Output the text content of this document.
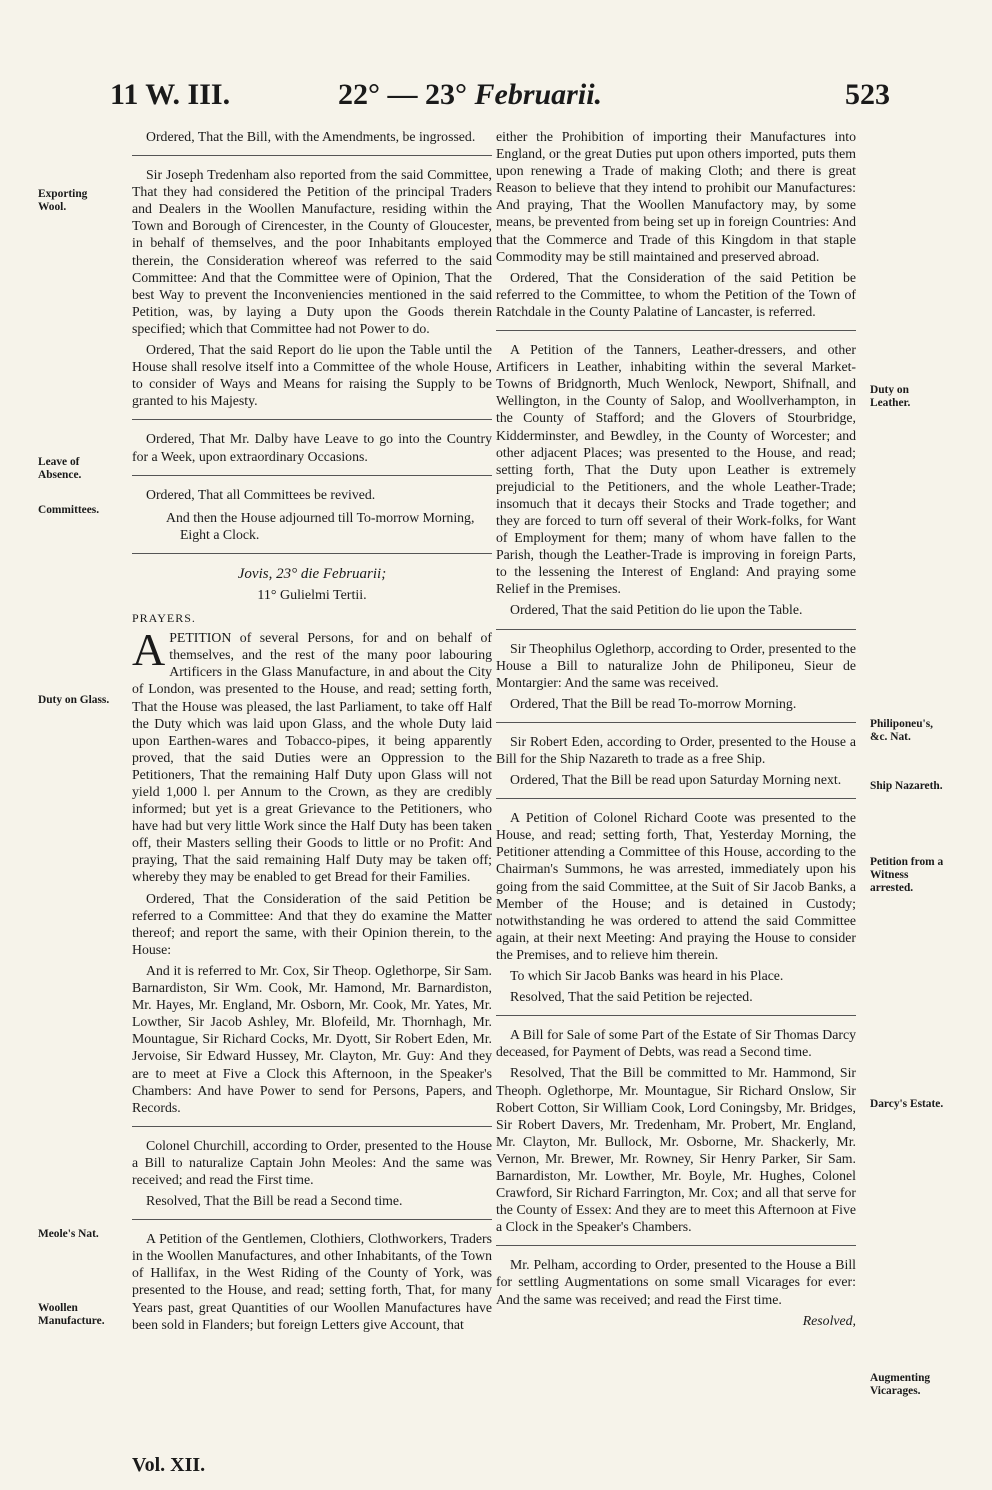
11 W. III.	22° — 23° Februarii.	523
Exporting Wool.
Leave of Absence.
Committees.
Duty on Glass.
Meole's Nat.
Woollen Manufacture.
Duty on Leather.
Philiponeu's, &c. Nat.
Ship Nazareth.
Petition from a Witness arrested.
Darcy's Estate.
Augmenting Vicarages.

Ordered, That the Bill, with the Amendments, be ingrossed.

Sir Joseph Tredenham also reported from the said Committee, That they had considered the Petition of the principal Traders and Dealers in the Woollen Manufacture, residing within the Town and Borough of Cirencester, in the County of Gloucester, in behalf of themselves, and the poor Inhabitants employed therein, the Consideration whereof was referred to the said Committee: And that the Committee were of Opinion, That the best Way to prevent the Inconveniencies mentioned in the said Petition, was, by laying a Duty upon the Goods therein specified; which that Committee had not Power to do.

Ordered, That the said Report do lie upon the Table until the House shall resolve itself into a Committee of the whole House, to consider of Ways and Means for raising the Supply to be granted to his Majesty.

Ordered, That Mr. Dalby have Leave to go into the Country for a Week, upon extraordinary Occasions.

Ordered, That all Committees be revived.

And then the House adjourned till To-morrow Morning, Eight a Clock.

Jovis, 23° die Februarii;
11° Gulielmi Tertii.
PRAYERS.

APETITION of several Persons, for and on behalf of themselves, and the rest of the many poor labouring Artificers in the Glass Manufacture, in and about the City of London, was presented to the House, and read; setting forth, That the House was pleased, the last Parliament, to take off Half the Duty which was laid upon Glass, and the whole Duty laid upon Earthen-wares and Tobacco-pipes, it being apparently proved, that the said Duties were an Oppression to the Petitioners, That the remaining Half Duty upon Glass will not yield 1,000 l. per Annum to the Crown, as they are credibly informed; but yet is a great Grievance to the Petitioners, who have had but very little Work since the Half Duty has been taken off, their Masters selling their Goods to little or no Profit: And praying, That the said remaining Half Duty may be taken off; whereby they may be enabled to get Bread for their Families.

Ordered, That the Consideration of the said Petition be referred to a Committee: And that they do examine the Matter thereof; and report the same, with their Opinion therein, to the House:

And it is referred to Mr. Cox, Sir Theop. Oglethorpe, Sir Sam. Barnardiston, Sir Wm. Cook, Mr. Hamond, Mr. Barnardiston, Mr. Hayes, Mr. England, Mr. Osborn, Mr. Cook, Mr. Yates, Mr. Lowther, Sir Jacob Ashley, Mr. Blofeild, Mr. Thornhagh, Mr. Mountague, Sir Richard Cocks, Mr. Dyott, Sir Robert Eden, Mr. Jervoise, Sir Edward Hussey, Mr. Clayton, Mr. Guy: And they are to meet at Five a Clock this Afternoon, in the Speaker's Chambers: And have Power to send for Persons, Papers, and Records.

Colonel Churchill, according to Order, presented to the House a Bill to naturalize Captain John Meoles: And the same was received; and read the First time.

Resolved, That the Bill be read a Second time.

A Petition of the Gentlemen, Clothiers, Clothworkers, Traders in the Woollen Manufactures, and other Inhabitants, of the Town of Hallifax, in the West Riding of the County of York, was presented to the House, and read; setting forth, That, for many Years past, great Quantities of our Woollen Manufactures have been sold in Flanders; but foreign Letters give Account, that

either the Prohibition of importing their Manufactures into England, or the great Duties put upon others imported, puts them upon renewing a Trade of making Cloth; and there is great Reason to believe that they intend to prohibit our Manufactures: And praying, That the Woollen Manufactory may, by some means, be prevented from being set up in foreign Countries: And that the Commerce and Trade of this Kingdom in that staple Commodity may be still maintained and preserved abroad.

Ordered, That the Consideration of the said Petition be referred to the Committee, to whom the Petition of the Town of Ratchdale in the County Palatine of Lancaster, is referred.

A Petition of the Tanners, Leather-dressers, and other Artificers in Leather, inhabiting within the several Market-Towns of Bridgnorth, Much Wenlock, Newport, Shifnall, and Wellington, in the County of Salop, and Woollverhampton, in the County of Stafford; and the Glovers of Stourbridge, Kidderminster, and Bewdley, in the County of Worcester; and other adjacent Places; was presented to the House, and read; setting forth, That the Duty upon Leather is extremely prejudicial to the Petitioners, and the whole Leather-Trade; insomuch that it decays their Stocks and Trade together; and they are forced to turn off several of their Work-folks, for Want of Employment for them; many of whom have fallen to the Parish, though the Leather-Trade is improving in foreign Parts, to the lessening the Interest of England: And praying some Relief in the Premises.

Ordered, That the said Petition do lie upon the Table.

Sir Theophilus Oglethorp, according to Order, presented to the House a Bill to naturalize John de Philiponeu, Sieur de Montargier: And the same was received.

Ordered, That the Bill be read To-morrow Morning.

Sir Robert Eden, according to Order, presented to the House a Bill for the Ship Nazareth to trade as a free Ship.

Ordered, That the Bill be read upon Saturday Morning next.

A Petition of Colonel Richard Coote was presented to the House, and read; setting forth, That, Yesterday Morning, the Petitioner attending a Committee of this House, according to the Chairman's Summons, he was arrested, immediately upon his going from the said Committee, at the Suit of Sir Jacob Banks, a Member of the House; and is detained in Custody; notwithstanding he was ordered to attend the said Committee again, at their next Meeting: And praying the House to consider the Premises, and to relieve him therein.

To which Sir Jacob Banks was heard in his Place.

Resolved, That the said Petition be rejected.

A Bill for Sale of some Part of the Estate of Sir Thomas Darcy deceased, for Payment of Debts, was read a Second time.

Resolved, That the Bill be committed to Mr. Hammond, Sir Theoph. Oglethorpe, Mr. Mountague, Sir Richard Onslow, Sir Robert Cotton, Sir William Cook, Lord Coningsby, Mr. Bridges, Sir Robert Davers, Mr. Tredenham, Mr. Probert, Mr. England, Mr. Clayton, Mr. Bullock, Mr. Osborne, Mr. Shackerly, Mr. Vernon, Mr. Brewer, Mr. Rowney, Sir Henry Parker, Sir Sam. Barnardiston, Mr. Lowther, Mr. Boyle, Mr. Hughes, Colonel Crawford, Sir Richard Farrington, Mr. Cox; and all that serve for the County of Essex: And they are to meet this Afternoon at Five a Clock in the Speaker's Chambers.

Mr. Pelham, according to Order, presented to the House a Bill for settling Augmentations on some small Vicarages for ever: And the same was received; and read the First time.

Resolved,

Vol. XII.
